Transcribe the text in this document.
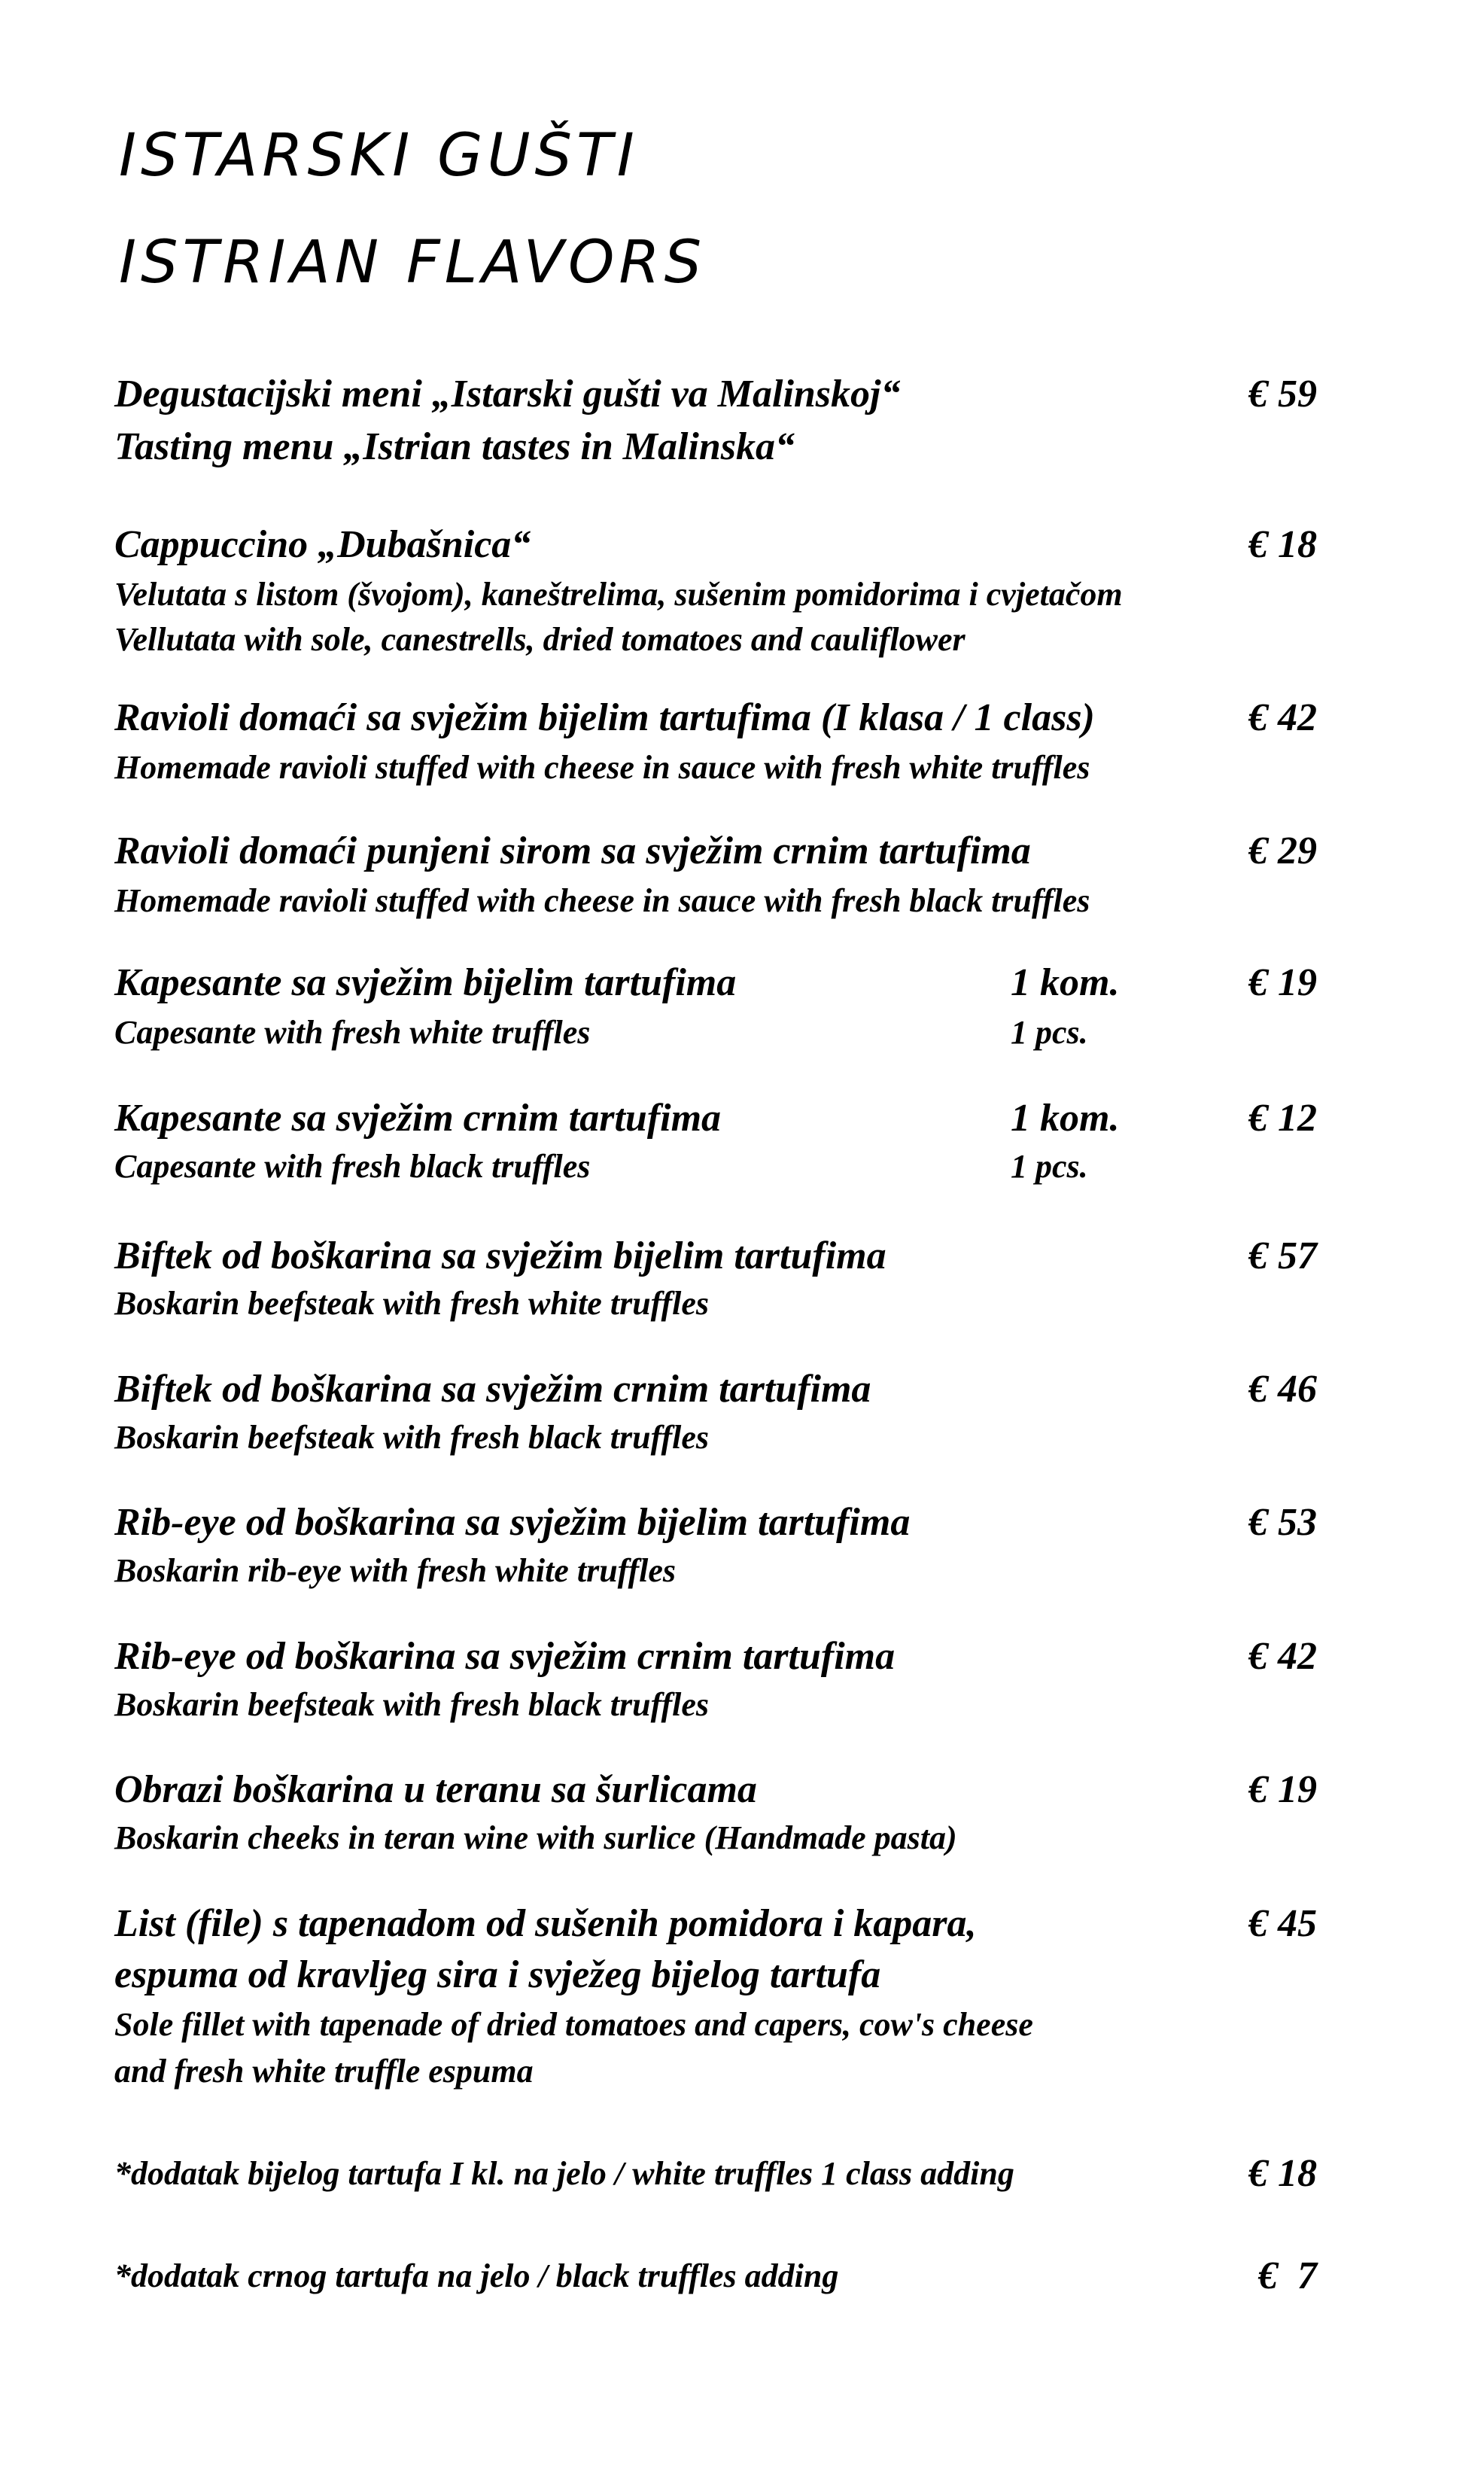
ISTARSKI GUŠTI
ISTRIAN FLAVORS
Degustacijski meni „Istarski gušti va Malinskoj“	€ 59
Tasting menu „Istrian tastes in Malinska“
Cappuccino „Dubašnica“	€ 18
Velutata s listom (švojom), kaneštrelima, sušenim pomidorima i cvjetačom
Vellutata with sole, canestrells, dried tomatoes and cauliflower
Ravioli domaći sa svježim bijelim tartufima (I klasa / 1 class)	€ 42
Homemade ravioli stuffed with cheese in sauce with fresh white truffles
Ravioli domaći punjeni sirom sa svježim crnim tartufima	€ 29
Homemade ravioli stuffed with cheese in sauce with fresh black truffles
Kapesante sa svježim bijelim tartufima	1 kom.	€ 19
Capesante with fresh white truffles	1 pcs.
Kapesante sa svježim crnim tartufima	1 kom.	€ 12
Capesante with fresh black truffles	1 pcs.
Biftek od boškarina sa svježim bijelim tartufima	€ 57
Boskarin beefsteak with fresh white truffles
Biftek od boškarina sa svježim crnim tartufima	€ 46
Boskarin beefsteak with fresh black truffles
Rib-eye od boškarina sa svježim bijelim tartufima	€ 53
Boskarin rib-eye with fresh white truffles
Rib-eye od boškarina sa svježim crnim tartufima	€ 42
Boskarin beefsteak with fresh black truffles
Obrazi boškarina u teranu sa šurlicama	€ 19
Boskarin cheeks in teran wine with surlice (Handmade pasta)
List (file) s tapenadom od sušenih pomidora i kapara,	€ 45
espuma od kravljeg sira i svježeg bijelog tartufa
Sole fillet with tapenade of dried tomatoes and capers, cow's cheese
and fresh white truffle espuma
*dodatak bijelog tartufa I kl. na jelo / white truffles 1 class adding	€ 18
*dodatak crnog tartufa na jelo / black truffles adding	€  7
